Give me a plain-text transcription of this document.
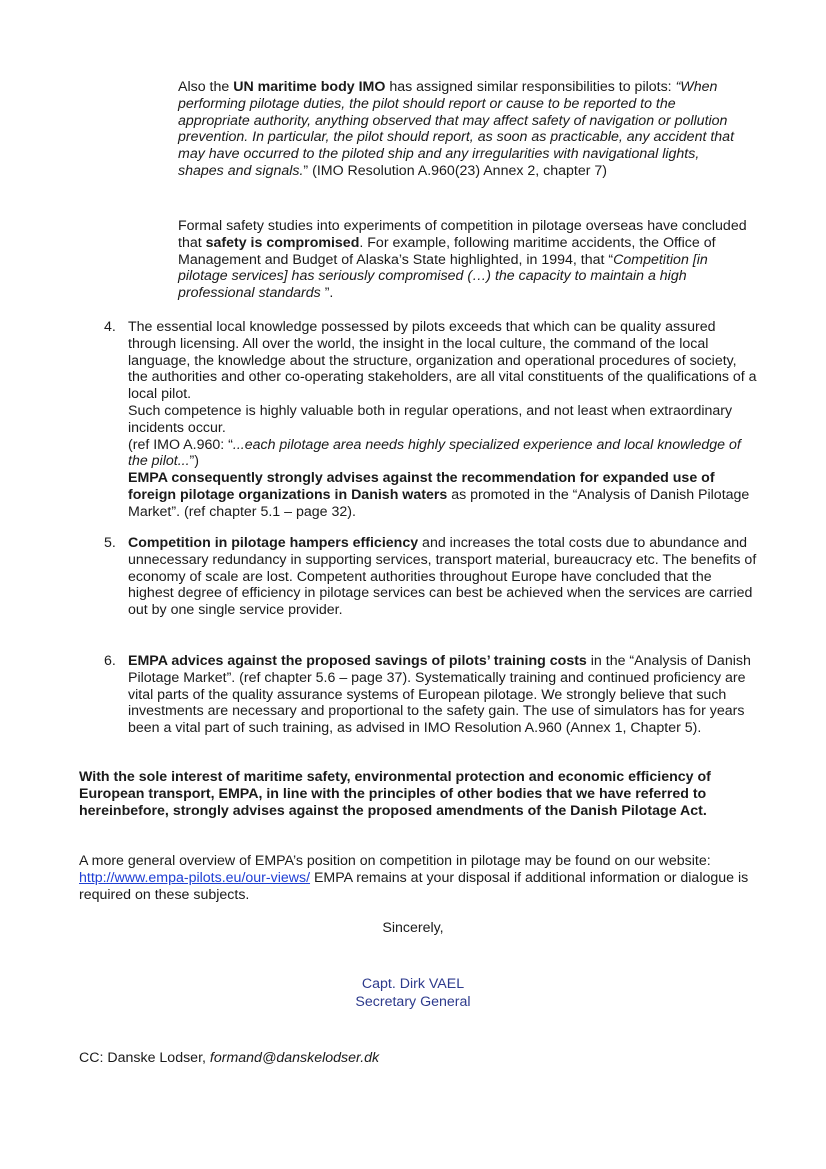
Also the UN maritime body IMO has assigned similar responsibilities to pilots: “When performing pilotage duties, the pilot should report or cause to be reported to the appropriate authority, anything observed that may affect safety of navigation or pollution prevention. In particular, the pilot should report, as soon as practicable, any accident that may have occurred to the piloted ship and any irregularities with navigational lights, shapes and signals.” (IMO Resolution A.960(23) Annex 2, chapter 7)

Formal safety studies into experiments of competition in pilotage overseas have concluded that safety is compromised. For example, following maritime accidents, the Office of Management and Budget of Alaska’s State highlighted, in 1994, that “Competition [in pilotage services] has seriously compromised (…) the capacity to maintain a high professional standards ”.

4. The essential local knowledge possessed by pilots exceeds that which can be quality assured through licensing. All over the world, the insight in the local culture, the command of the local language, the knowledge about the structure, organization and operational procedures of society, the authorities and other co-operating stakeholders, are all vital constituents of the qualifications of a local pilot.

Such competence is highly valuable both in regular operations, and not least when extraordinary incidents occur.

(ref IMO A.960: “...each pilotage area needs highly specialized experience and local knowledge of the pilot...”)

EMPA consequently strongly advises against the recommendation for expanded use of foreign pilotage organizations in Danish waters as promoted in the “Analysis of Danish Pilotage Market”. (ref chapter 5.1 – page 32).

5. Competition in pilotage hampers efficiency and increases the total costs due to abundance and unnecessary redundancy in supporting services, transport material, bureaucracy etc. The benefits of economy of scale are lost. Competent authorities throughout Europe have concluded that the highest degree of efficiency in pilotage services can best be achieved when the services are carried out by one single service provider.

6. EMPA advices against the proposed savings of pilots’ training costs in the “Analysis of Danish Pilotage Market”. (ref chapter 5.6 – page 37). Systematically training and continued proficiency are vital parts of the quality assurance systems of European pilotage. We strongly believe that such investments are necessary and proportional to the safety gain. The use of simulators has for years been a vital part of such training, as advised in IMO Resolution A.960 (Annex 1, Chapter 5).

With the sole interest of maritime safety, environmental protection and economic efficiency of European transport, EMPA, in line with the principles of other bodies that we have referred to hereinbefore, strongly advises against the proposed amendments of the Danish Pilotage Act.

A more general overview of EMPA’s position on competition in pilotage may be found on our website: http://www.empa-pilots.eu/our-views/ EMPA remains at your disposal if additional information or dialogue is required on these subjects.

Sincerely,

Capt. Dirk VAEL

Secretary General

CC: Danske Lodser, formand@danskelodser.dk
